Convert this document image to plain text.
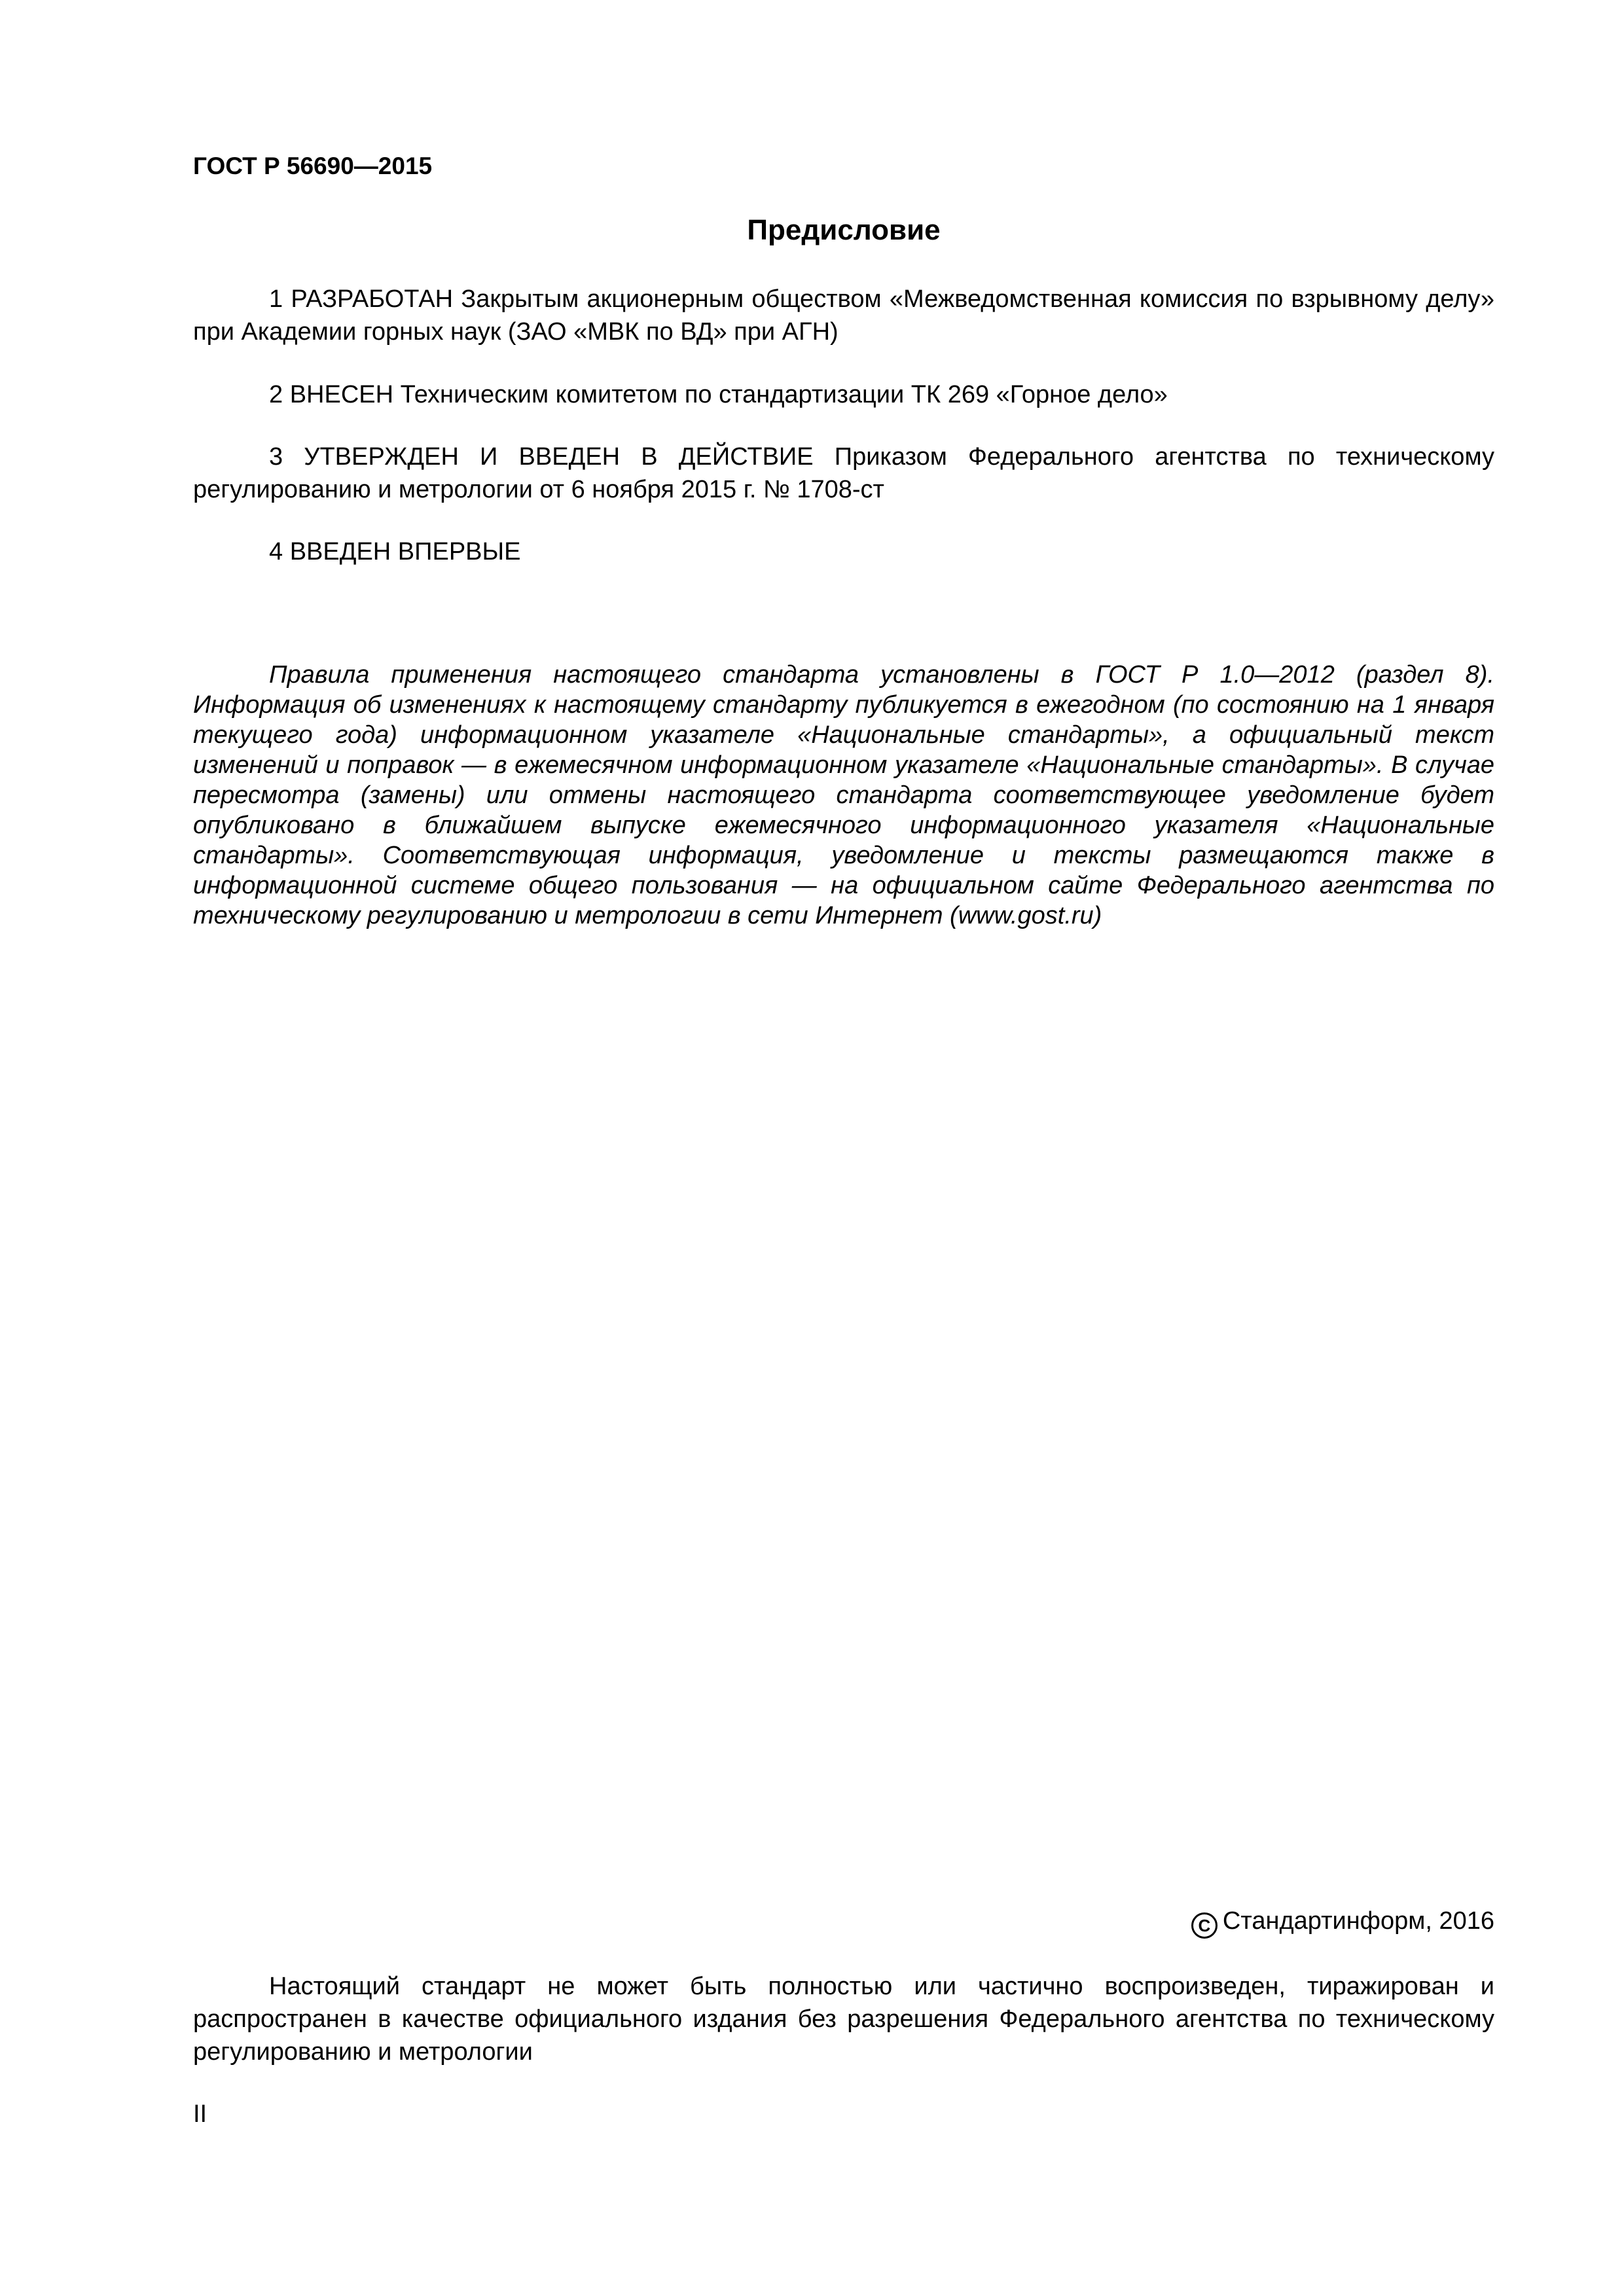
ГОСТ Р 56690—2015
Предисловие

1 РАЗРАБОТАН Закрытым акционерным обществом «Межведомственная комиссия по взрывному делу» при Академии горных наук (ЗАО «МВК по ВД» при АГН)

2 ВНЕСЕН Техническим комитетом по стандартизации ТК 269 «Горное дело»

3 УТВЕРЖДЕН И ВВЕДЕН В ДЕЙСТВИЕ Приказом Федерального агентства по техническому регулированию и метрологии от 6 ноября 2015 г. № 1708-ст

4 ВВЕДЕН ВПЕРВЫЕ

Правила применения настоящего стандарта установлены в ГОСТ Р 1.0—2012 (раздел 8). Информация об изменениях к настоящему стандарту публикуется в ежегодном (по состоянию на 1 января текущего года) информационном указателе «Национальные стандарты», а официальный текст изменений и поправок — в ежемесячном информационном указателе «Национальные стандарты». В случае пересмотра (замены) или отмены настоящего стандарта соответствующее уведомление будет опубликовано в ближайшем выпуске ежемесячного информационного указателя «Национальные стандарты». Соответствующая информация, уведомление и тексты размещаются также в информационной системе общего пользования — на официальном сайте Федерального агентства по техническому регулированию и метрологии в сети Интернет (www.gost.ru)

C Стандартинформ, 2016

Настоящий стандарт не может быть полностью или частично воспроизведен, тиражирован и распространен в качестве официального издания без разрешения Федерального агентства по техническому регулированию и метрологии

II
